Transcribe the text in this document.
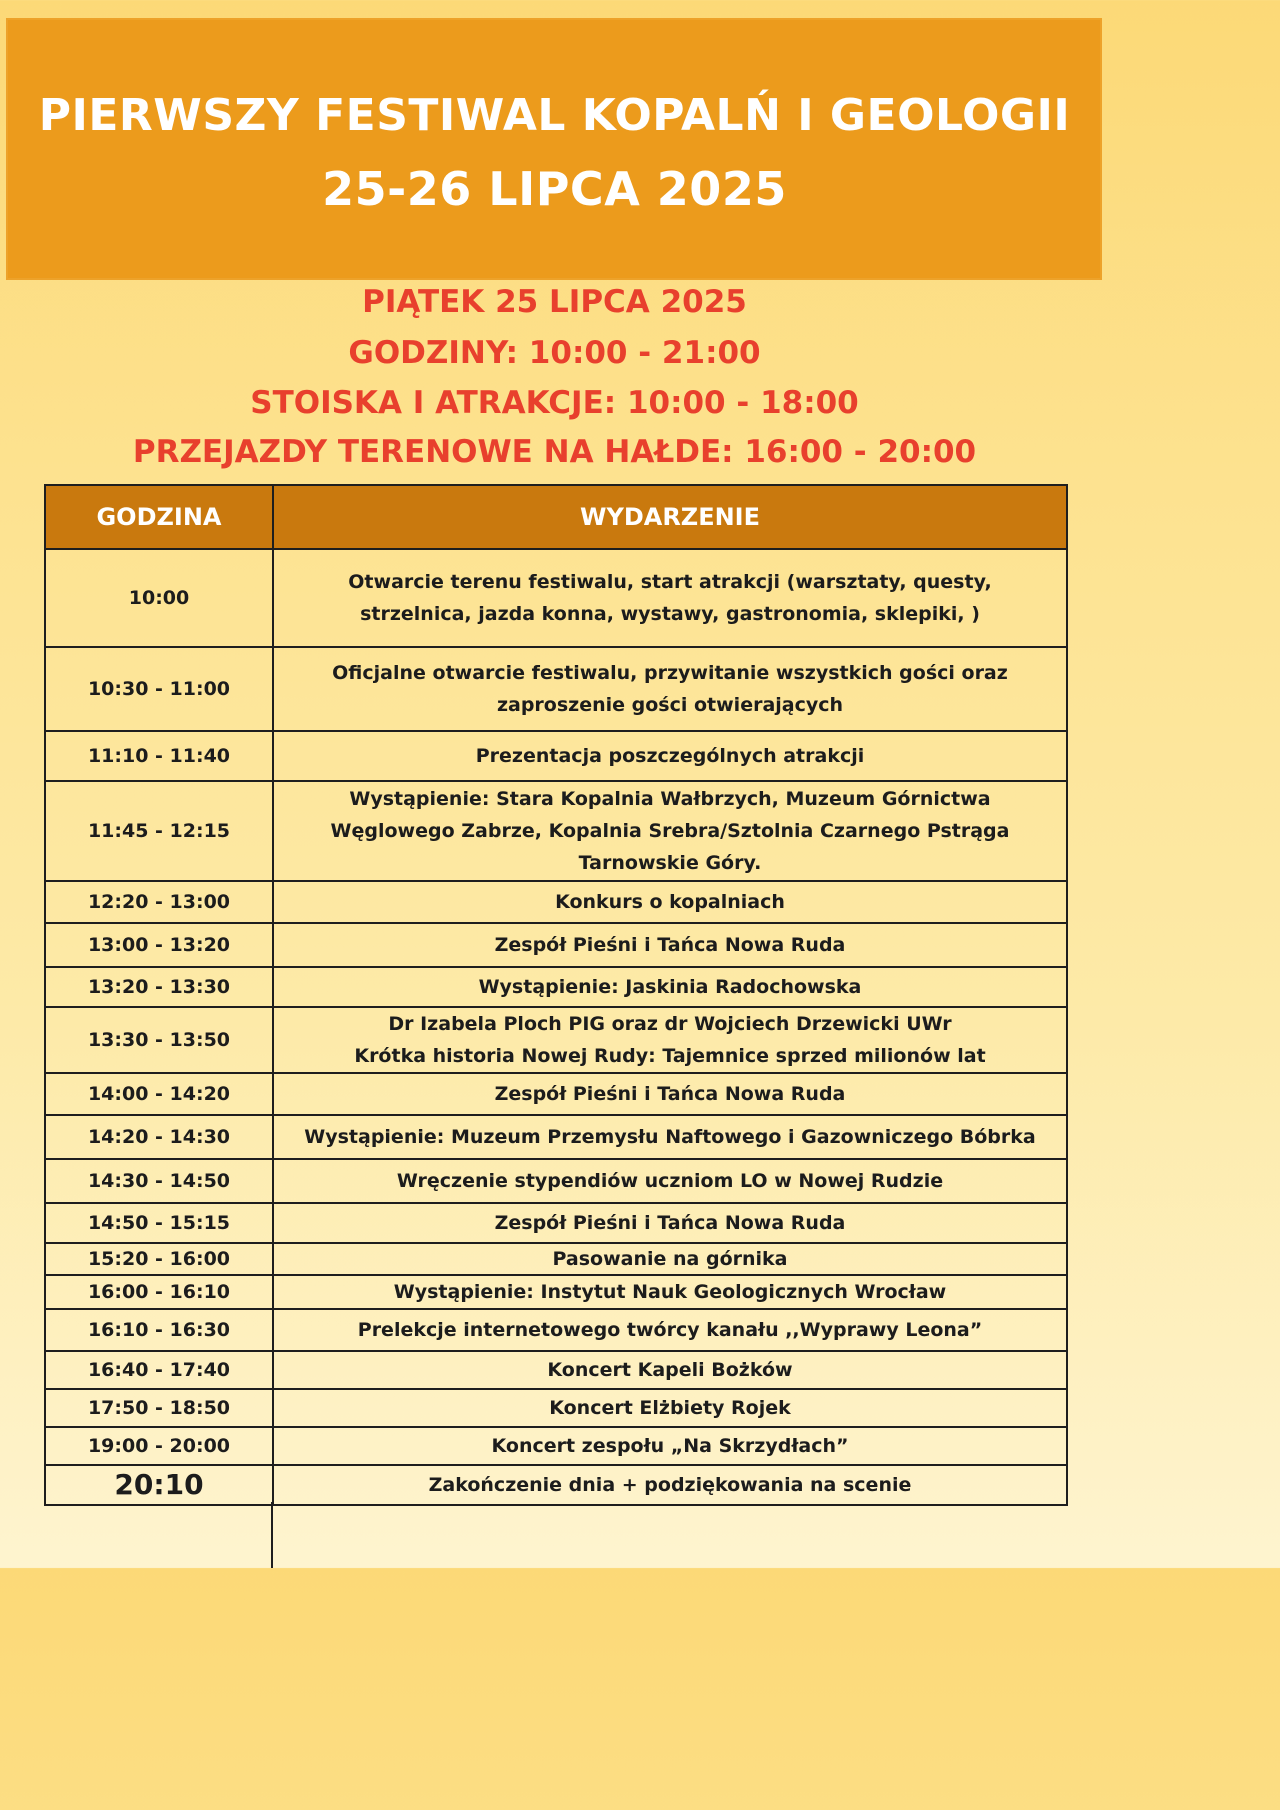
PIERWSZY FESTIWAL KOPALŃ I GEOLOGII
25-26 LIPCA 2025
PIĄTEK 25 LIPCA 2025
GODZINY: 10:00 - 21:00
STOISKA I ATRAKCJE: 10:00 - 18:00
PRZEJAZDY TERENOWE NA HAŁDE: 16:00 - 20:00
GODZINA	WYDARZENIE
10:00	Otwarcie terenu festiwalu, start atrakcji (warsztaty, questy,
strzelnica, jazda konna, wystawy, gastronomia, sklepiki, )

10:30 - 11:00	Oficjalne otwarcie festiwalu, przywitanie wszystkich gości oraz
zaproszenie gości otwierających

11:10 - 11:40	Prezentacja poszczególnych atrakcji

11:45 - 12:15	Wystąpienie: Stara Kopalnia Wałbrzych, Muzeum Górnictwa
Węglowego Zabrze, Kopalnia Srebra/Sztolnia Czarnego Pstrąga
Tarnowskie Góry.

12:20 - 13:00	Konkurs o kopalniach

13:00 - 13:20	Zespół Pieśni i Tańca Nowa Ruda

13:20 - 13:30	Wystąpienie: Jaskinia Radochowska

13:30 - 13:50	Dr Izabela Ploch PIG oraz dr Wojciech Drzewicki UWr
Krótka historia Nowej Rudy: Tajemnice sprzed milionów lat

14:00 - 14:20	Zespół Pieśni i Tańca Nowa Ruda

14:20 - 14:30	Wystąpienie: Muzeum Przemysłu Naftowego i Gazowniczego Bóbrka

14:30 - 14:50	Wręczenie stypendiów uczniom LO w Nowej Rudzie

14:50 - 15:15	Zespół Pieśni i Tańca Nowa Ruda

15:20 - 16:00	Pasowanie na górnika

16:00 - 16:10	Wystąpienie: Instytut Nauk Geologicznych Wrocław

16:10 - 16:30	Prelekcje internetowego twórcy kanału ,,Wyprawy Leona”

16:40 - 17:40	Koncert Kapeli Bożków

17:50 - 18:50	Koncert Elżbiety Rojek

19:00 - 20:00	Koncert zespołu „Na Skrzydłach”

20:10	Zakończenie dnia + podziękowania na scenie
